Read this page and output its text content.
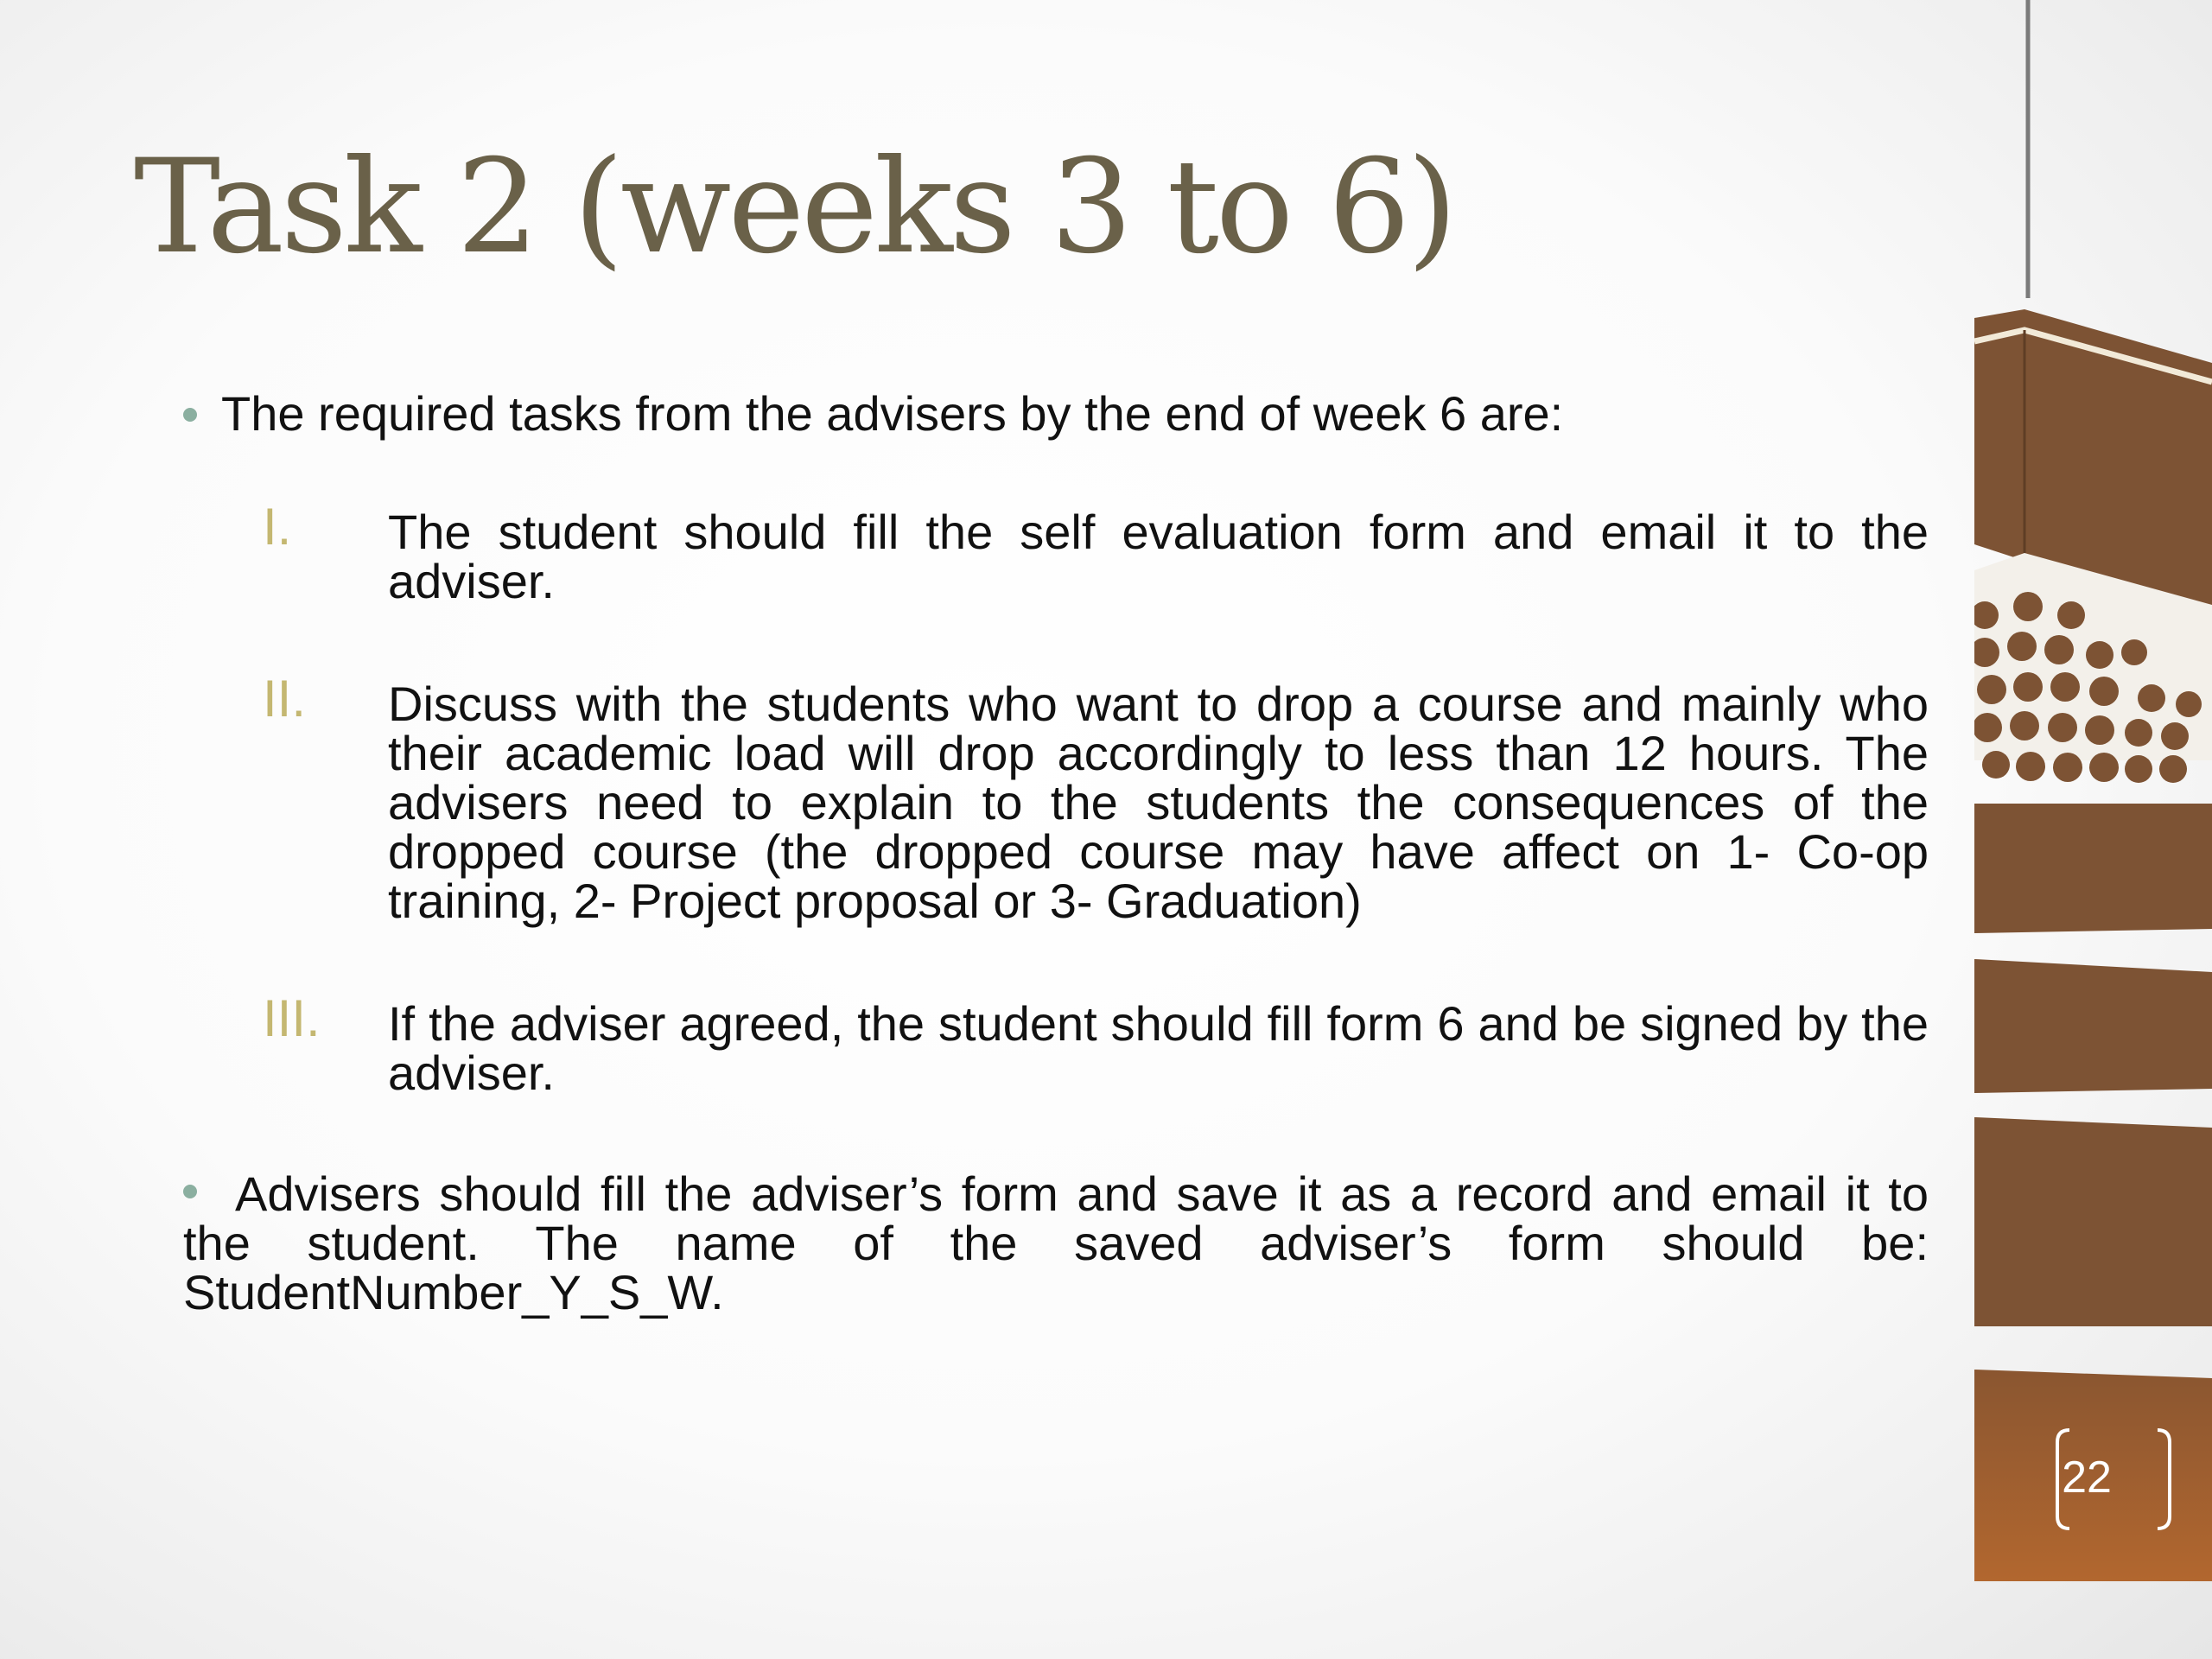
Task 2 (weeks 3 to 6)
The required tasks from the advisers by the end of week 6 are:
I. The student should fill the self evaluation form and email it to the adviser.
II. Discuss with the students who want to drop a course and mainly who their academic load will drop accordingly to less than 12 hours. The advisers need to explain to the students the consequences of the dropped course (the dropped course may have affect on 1- Co-op training, 2- Project proposal or 3- Graduation)
III. If the adviser agreed, the student should fill form 6 and be signed by the adviser.
Advisers should fill the adviser’s form and save it as a record and email it to the student. The name of the saved adviser’s form should be: StudentNumber_Y_S_W.
22
